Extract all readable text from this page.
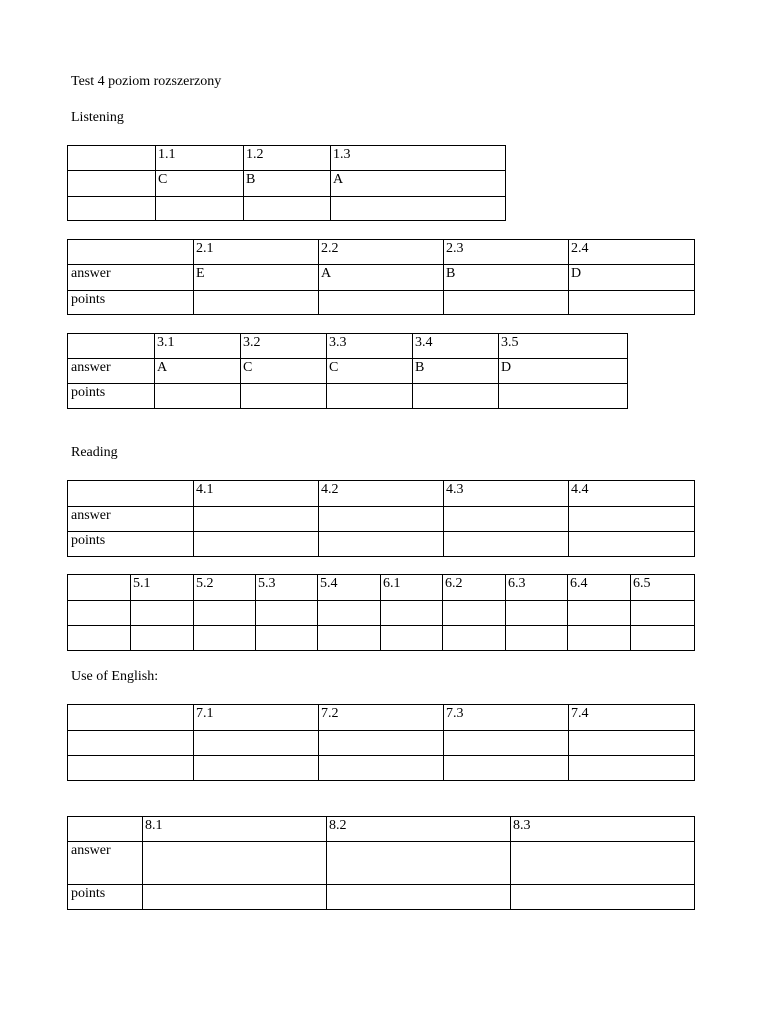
Test 4 poziom rozszerzony
Listening
	1.1	1.2	1.3
	C	B	A

	2.1	2.2	2.3	2.4
answer	E	A	B	D
points				
	3.1	3.2	3.3	3.4	3.5
answer	A	C	C	B	D
points					
Reading
	4.1	4.2	4.3	4.4
answer				
points				
	5.1	5.2	5.3	5.4	6.1	6.2	6.3	6.4	6.5

Use of English:
	7.1	7.2	7.3	7.4

	8.1	8.2	8.3
answer			
points			
